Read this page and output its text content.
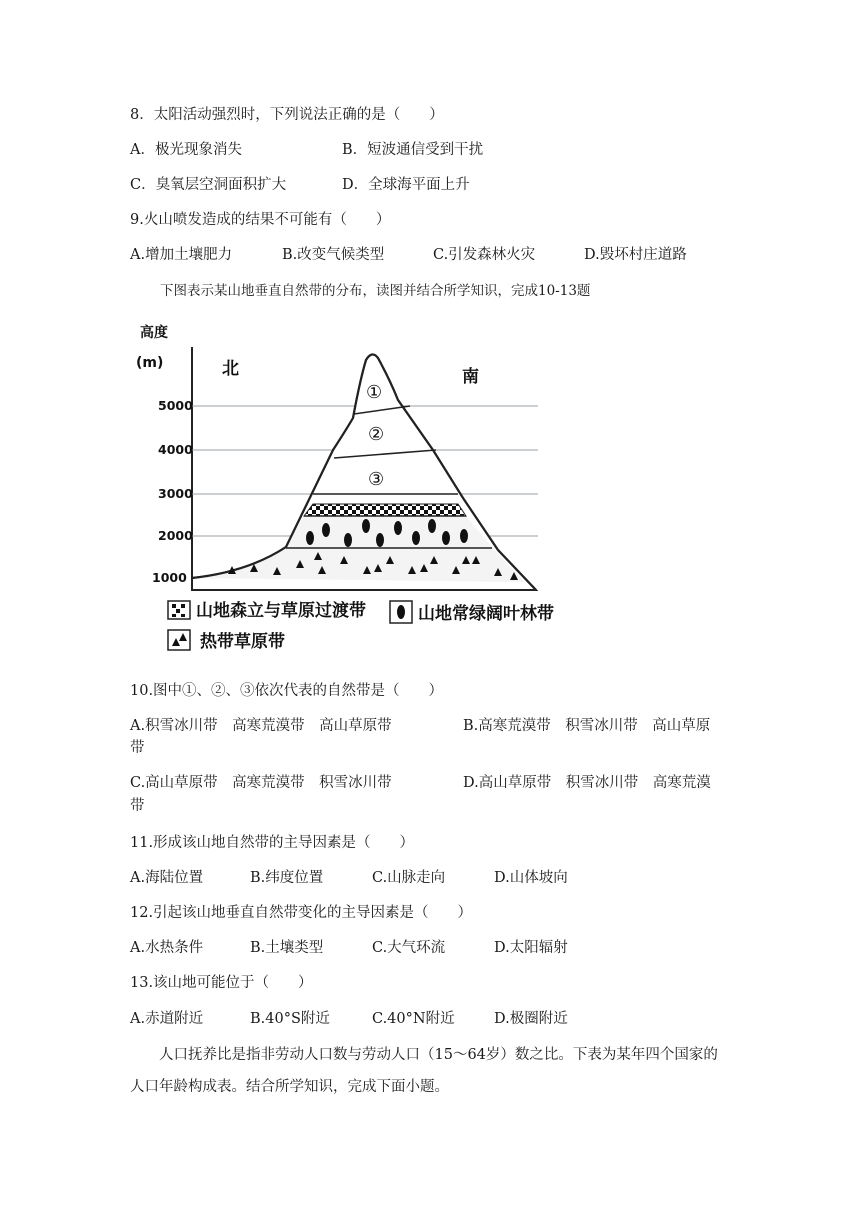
8．太阳活动强烈时，下列说法正确的是（　　）
A．极光现象消失	B．短波通信受到干扰
C．臭氧层空洞面积扩大	D．全球海平面上升
9.火山喷发造成的结果不可能有（　　）
A.增加土壤肥力	B.改变气候类型	C.引发森林火灾	D.毁坏村庄道路
下图表示某山地垂直自然带的分布，读图并结合所学知识，完成10-13题
高度
(m)	北	南
5000
4000
3000
2000
1000
①
②
③
山地森立与草原过渡带	山地常绿阔叶林带
热带草原带
10.图中①、②、③依次代表的自然带是（　　）
A.积雪冰川带　高寒荒漠带　高山草原带	B.高寒荒漠带　积雪冰川带　高山草原
带
C.高山草原带　高寒荒漠带　积雪冰川带	D.高山草原带　积雪冰川带　高寒荒漠
带
11.形成该山地自然带的主导因素是（　　）
A.海陆位置	B.纬度位置	C.山脉走向	D.山体坡向
12.引起该山地垂直自然带变化的主导因素是（　　）
A.水热条件	B.土壤类型	C.大气环流	D.太阳辐射
13.该山地可能位于（　　）
A.赤道附近	B.40°S附近	C.40°N附近	D.极圈附近
人口抚养比是指非劳动人口数与劳动人口（15～64岁）数之比。下表为某年四个国家的人口年龄构成表。结合所学知识，完成下面小题。
